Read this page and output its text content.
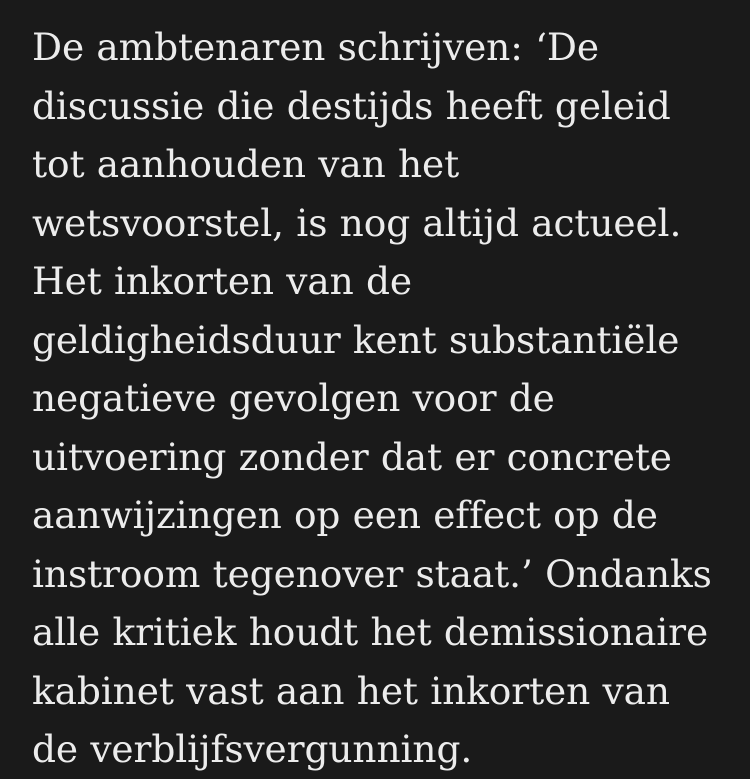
De ambtenaren schrijven: ‘De discussie die destijds heeft geleid tot aanhouden van het wetsvoorstel, is nog altijd actueel. Het inkorten van de geldigheidsduur kent substantiële negatieve gevolgen voor de uitvoering zonder dat er concrete aanwijzingen op een effect op de instroom tegenover staat.’ Ondanks alle kritiek houdt het demissionaire kabinet vast aan het inkorten van de verblijfsvergunning.
